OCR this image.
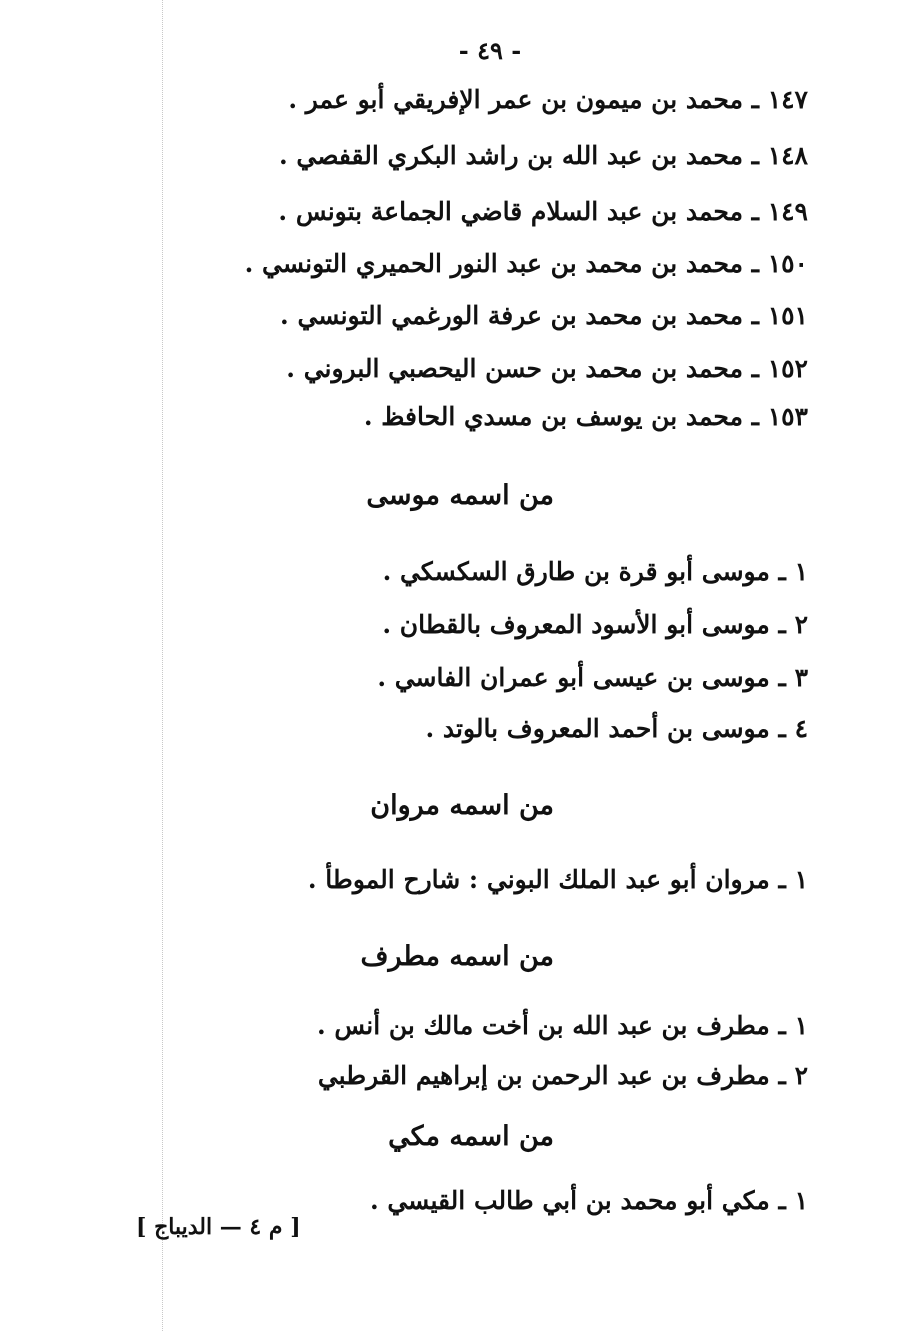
- ٤٩ -
١٤٧ ـ محمد بن ميمون بن عمر الإفريقي أبو عمر .
١٤٨ ـ محمد بن عبد الله بن راشد البكري القفصي .
١٤٩ ـ محمد بن عبد السلام قاضي الجماعة بتونس .
١٥٠ ـ محمد بن محمد بن عبد النور الحميري التونسي .
١٥١ ـ محمد بن محمد بن عرفة الورغمي التونسي .
١٥٢ ـ محمد بن محمد بن حسن اليحصبي البروني .
١٥٣ ـ محمد بن يوسف بن مسدي الحافظ .
من اسمه موسى
١ ـ موسى أبو قرة بن طارق السكسكي .
٢ ـ موسى أبو الأسود المعروف بالقطان .
٣ ـ موسى بن عيسى أبو عمران الفاسي .
٤ ـ موسى بن أحمد المعروف بالوتد .
من اسمه مروان
١ ـ مروان أبو عبد الملك البوني : شارح الموطأ .
من اسمه مطرف
١ ـ مطرف بن عبد الله بن أخت مالك بن أنس .
٢ ـ مطرف بن عبد الرحمن بن إبراهيم القرطبي
من اسمه مكي
١ ـ مكي أبو محمد بن أبي طالب القيسي .
[ م ٤ — الديباج ]
